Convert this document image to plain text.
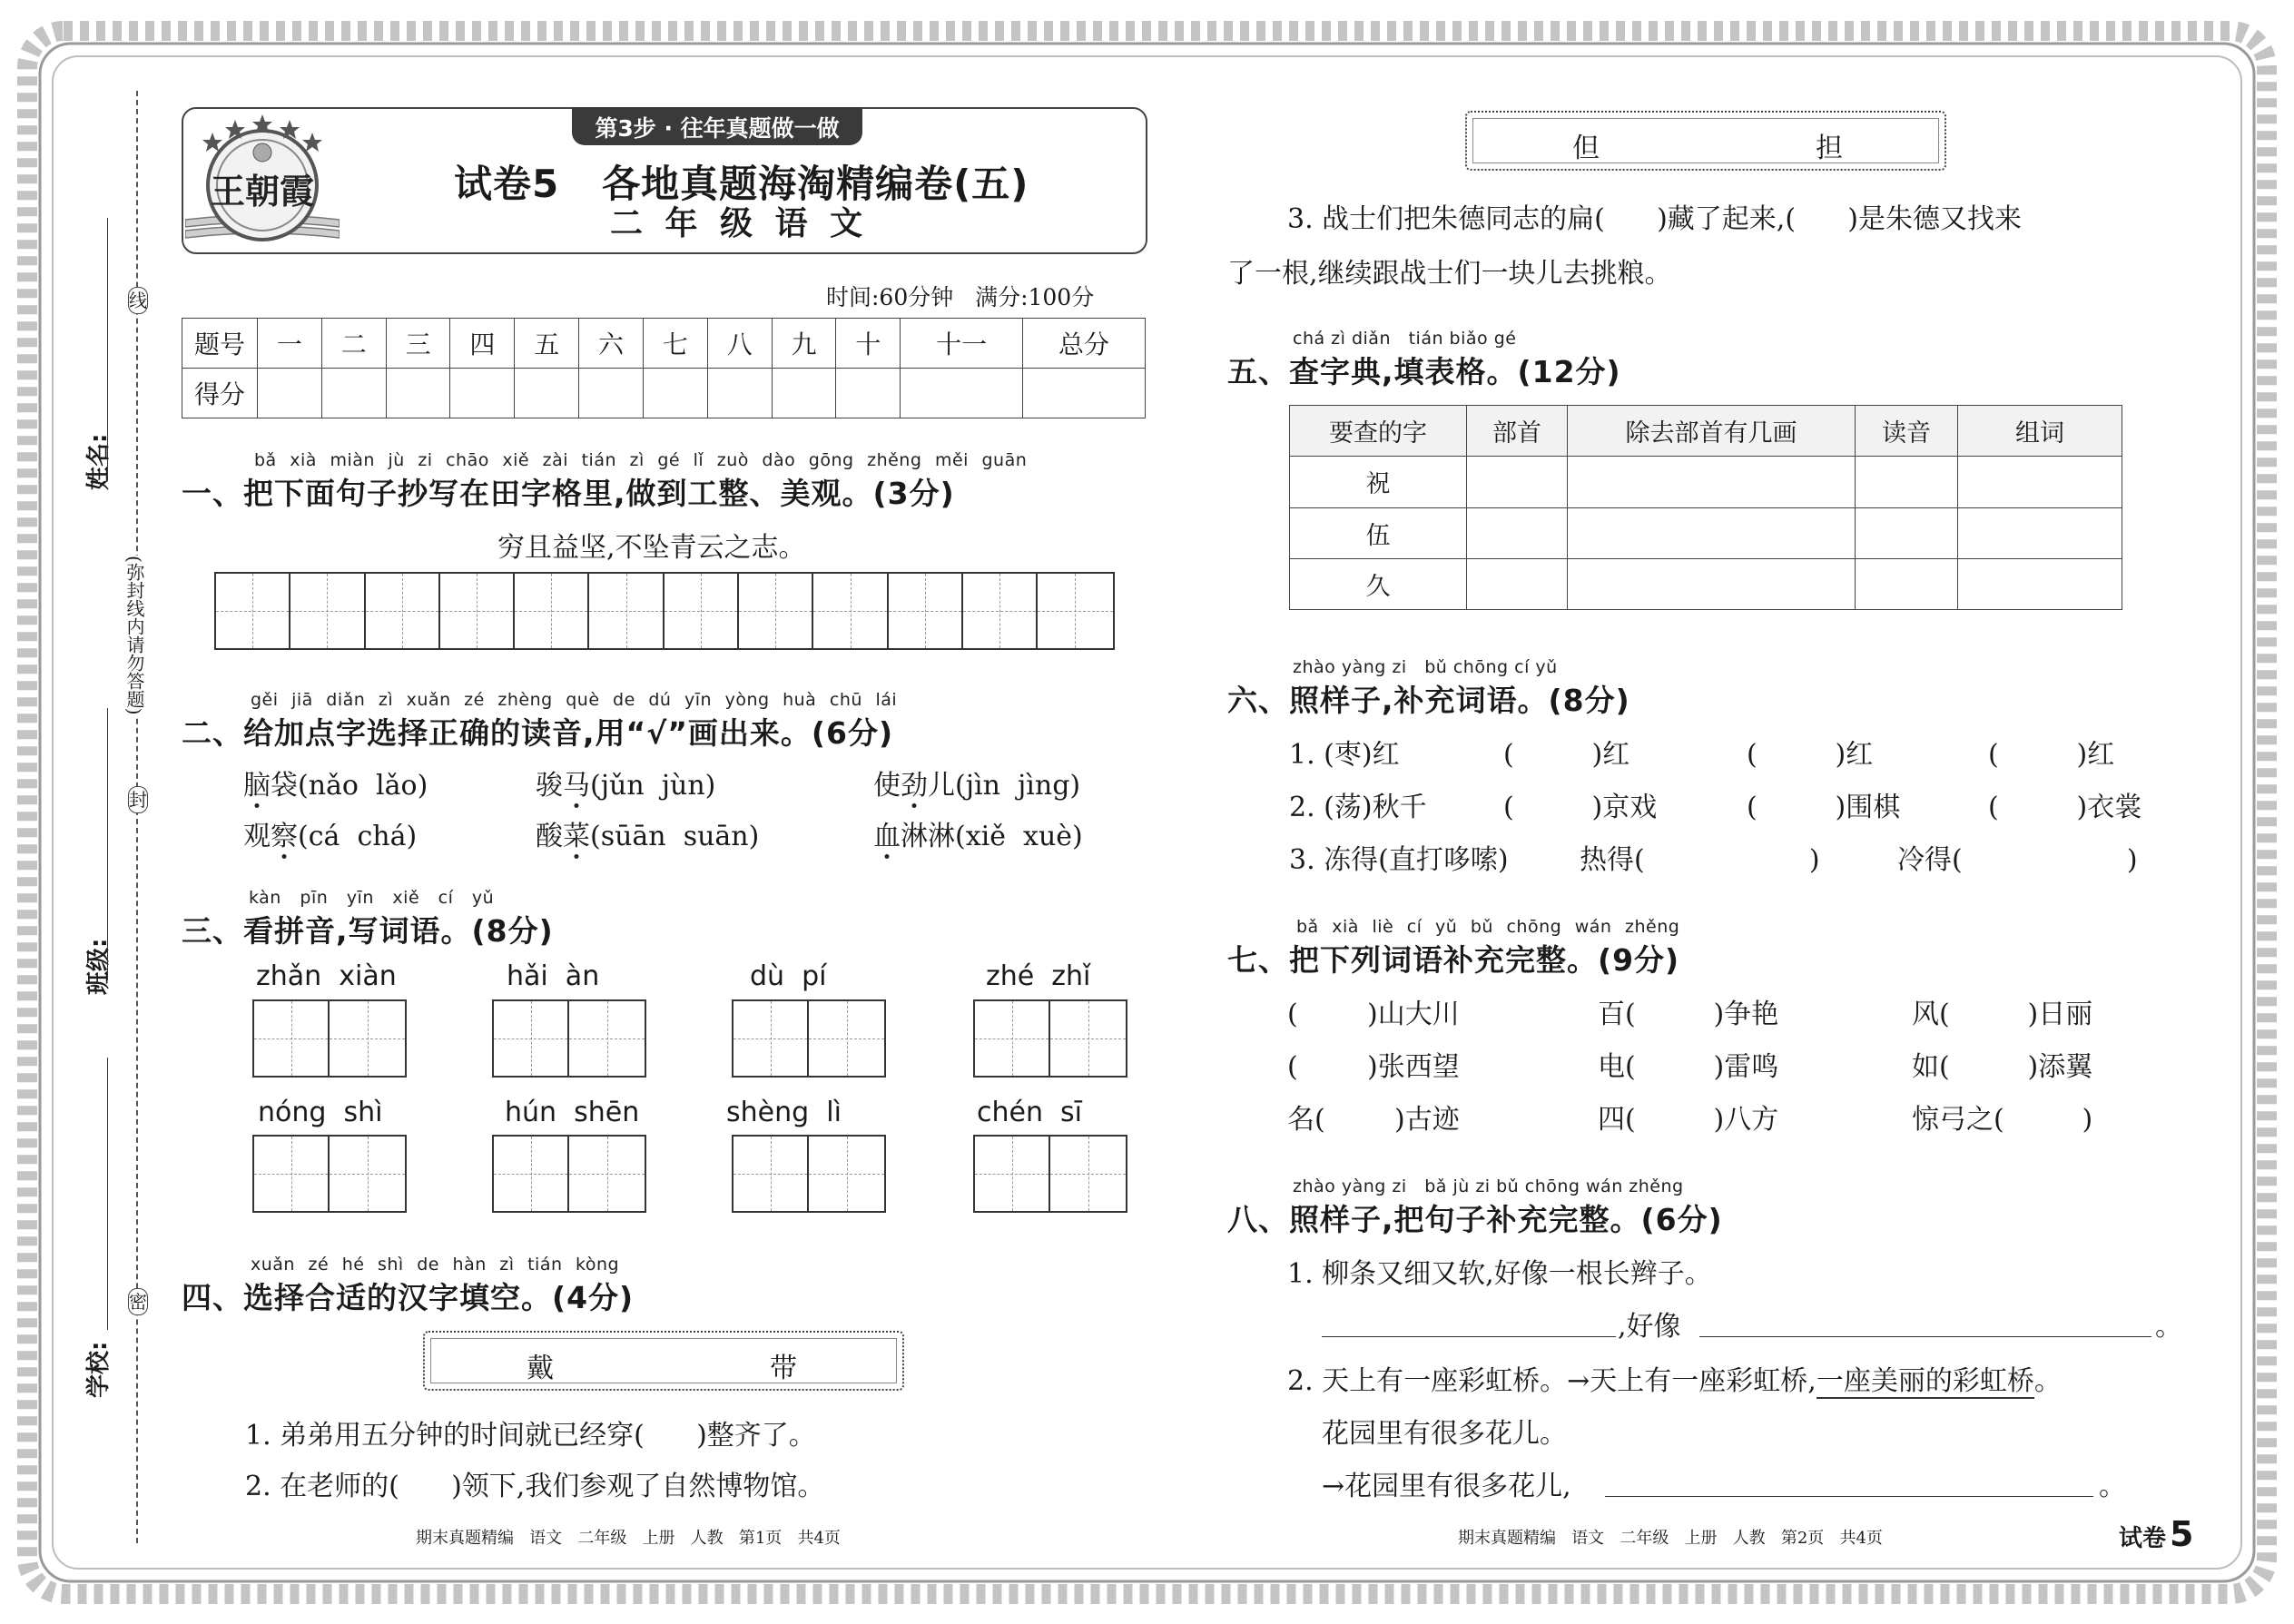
线
封
密
(弥封线内请勿答题)
姓名:
班级:
学校:
第3步 · 往年真题做一做
王朝霞	试卷5   各地真题海淘精编卷(五)
二 年 级 语 文
时间:60分钟   满分:100分
题号	一	二	三	四	五	六	七	八	九	十	十一	总分
得分												
bǎ xià miàn jù zi chāo xiě zài tián zì gé lǐ zuò dào gōng zhěng měi guān
一、把下面句子抄写在田字格里,做到工整、美观。(3分)
穷且益坚,不坠青云之志。
gěi jiā diǎn zì xuǎn zé zhèng què de dú yīn yòng huà chū lái
二、给加点字选择正确的读音,用“√”画出来。(6分)
脑袋(nǎo  lǎo)	骏马(jǔn  jùn)	使劲儿(jìn  jìng)
观察(cá  chá)	酸菜(sūān  suān)	血淋淋(xiě  xuè)
kàn pīn yīn xiě cí yǔ
三、看拼音,写词语。(8分)
zhǎn  xiàn	hǎi  àn	dù  pí	zhé  zhǐ
nóng  shì	hún  shēn	shèng  lì	chén  sī
xuǎn zé hé shì de hàn zì tián kòng
四、选择合适的汉字填空。(4分)
戴	带
1. 弟弟用五分钟的时间就已经穿(      )整齐了。
2. 在老师的(      )领下,我们参观了自然博物馆。
但	担
3. 战士们把朱德同志的扁(      )藏了起来,(      )是朱德又找来
了一根,继续跟战士们一块儿去挑粮。
chá zì diǎn   tián biǎo gé
五、查字典,填表格。(12分)
要查的字	部首	除去部首有几画	读音	组词
祝				
伍				
久				
zhào yàng zi   bǔ chōng cí yǔ
六、照样子,补充词语。(8分)
1. (枣)红	(         )红	(         )红	(         )红
2. (荡)秋千	(         )京戏	(         )围棋	(         )衣裳
3. 冻得(直打哆嗦)	热得(                   )	冷得(                   )
bǎ xià liè cí yǔ bǔ chōng wán zhěng
七、把下列词语补充完整。(9分)
(        )山大川	百(         )争艳	风(         )日丽
(        )张西望	电(         )雷鸣	如(         )添翼
名(        )古迹	四(         )八方	惊弓之(         )
zhào yàng zi   bǎ jù zi bǔ chōng wán zhěng
八、照样子,把句子补充完整。(6分)
1. 柳条又细又软,好像一根长辫子。
,好像	。
2. 天上有一座彩虹桥。→天上有一座彩虹桥,一座美丽的彩虹桥。
花园里有很多花儿。
→花园里有很多花儿,	。
期末真题精编   语文   二年级   上册   人教   第1页   共4页	期末真题精编   语文   二年级   上册   人教   第2页   共4页	试卷 5
